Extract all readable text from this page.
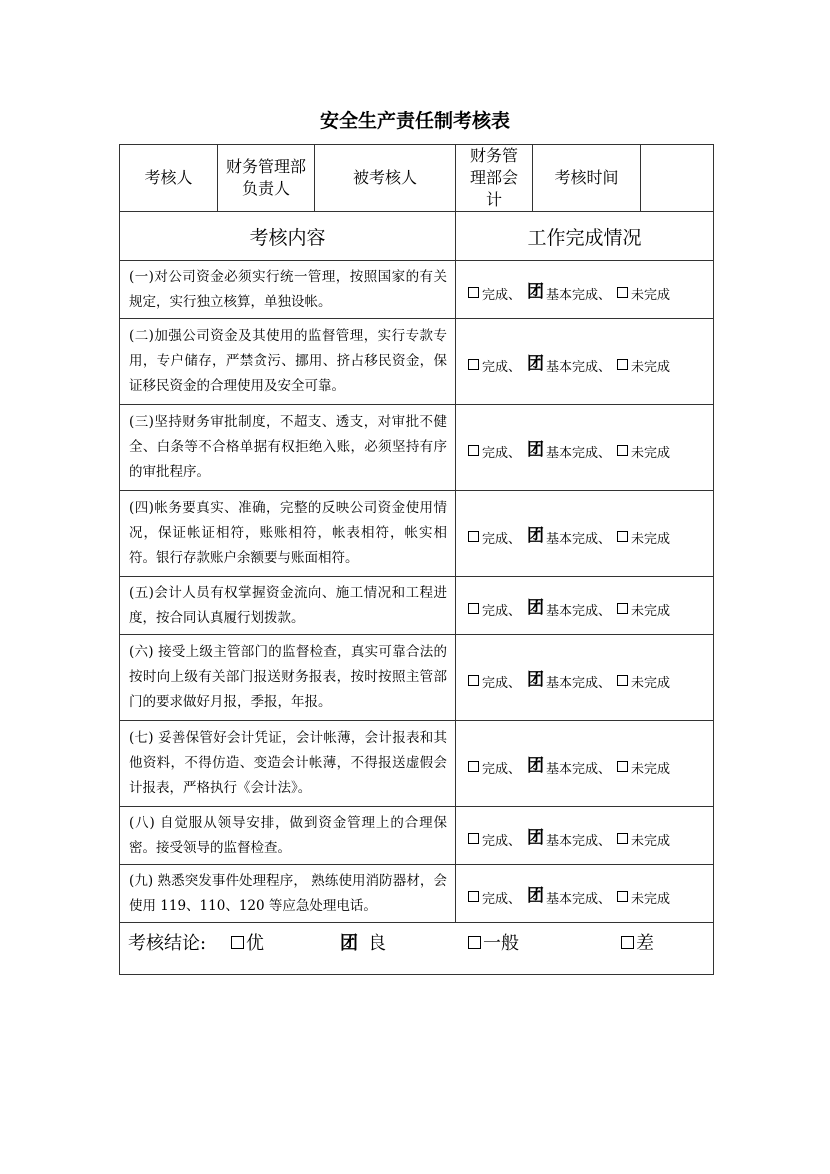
安全生产责任制考核表
考核人	财务管理部负责人	被考核人	财务管理部会计	考核时间	
考核内容			工作完成情况		
(一)对公司资金必须实行统一管理，按照国家的有关规定，实行独立核算，单独设帐。			完成、 团 基本完成、 未完成		
(二)加强公司资金及其使用的监督管理，实行专款专用，专户储存，严禁贪污、挪用、挤占移民资金，保证移民资金的合理使用及安全可靠。			完成、 团 基本完成、 未完成		
(三)坚持财务审批制度，不超支、透支，对审批不健全、白条等不合格单据有权拒绝入账，必须坚持有序的审批程序。			完成、 团 基本完成、 未完成		
(四)帐务要真实、准确，完整的反映公司资金使用情况，保证帐证相符，账账相符，帐表相符，帐实相符。银行存款账户余额要与账面相符。			完成、 团 基本完成、 未完成		
(五)会计人员有权掌握资金流向、施工情况和工程进度，按合同认真履行划拨款。			完成、 团 基本完成、 未完成		
(六) 接受上级主管部门的监督检查，真实可靠合法的按时向上级有关部门报送财务报表，按时按照主管部门的要求做好月报，季报，年报。			完成、 团 基本完成、 未完成		
(七) 妥善保管好会计凭证，会计帐薄，会计报表和其他资料，不得仿造、变造会计帐薄，不得报送虚假会计报表，严格执行《会计法》。			完成、 团 基本完成、 未完成		
(八) 自觉服从领导安排，做到资金管理上的合理保密。接受领导的监督检查。			完成、 团 基本完成、 未完成		
(九) 熟悉突发事件处理程序， 熟练使用消防器材，会使用 119、110、120 等应急处理电话。			完成、 团 基本完成、 未完成		

考核结论: 优 团 良 一般 差					
